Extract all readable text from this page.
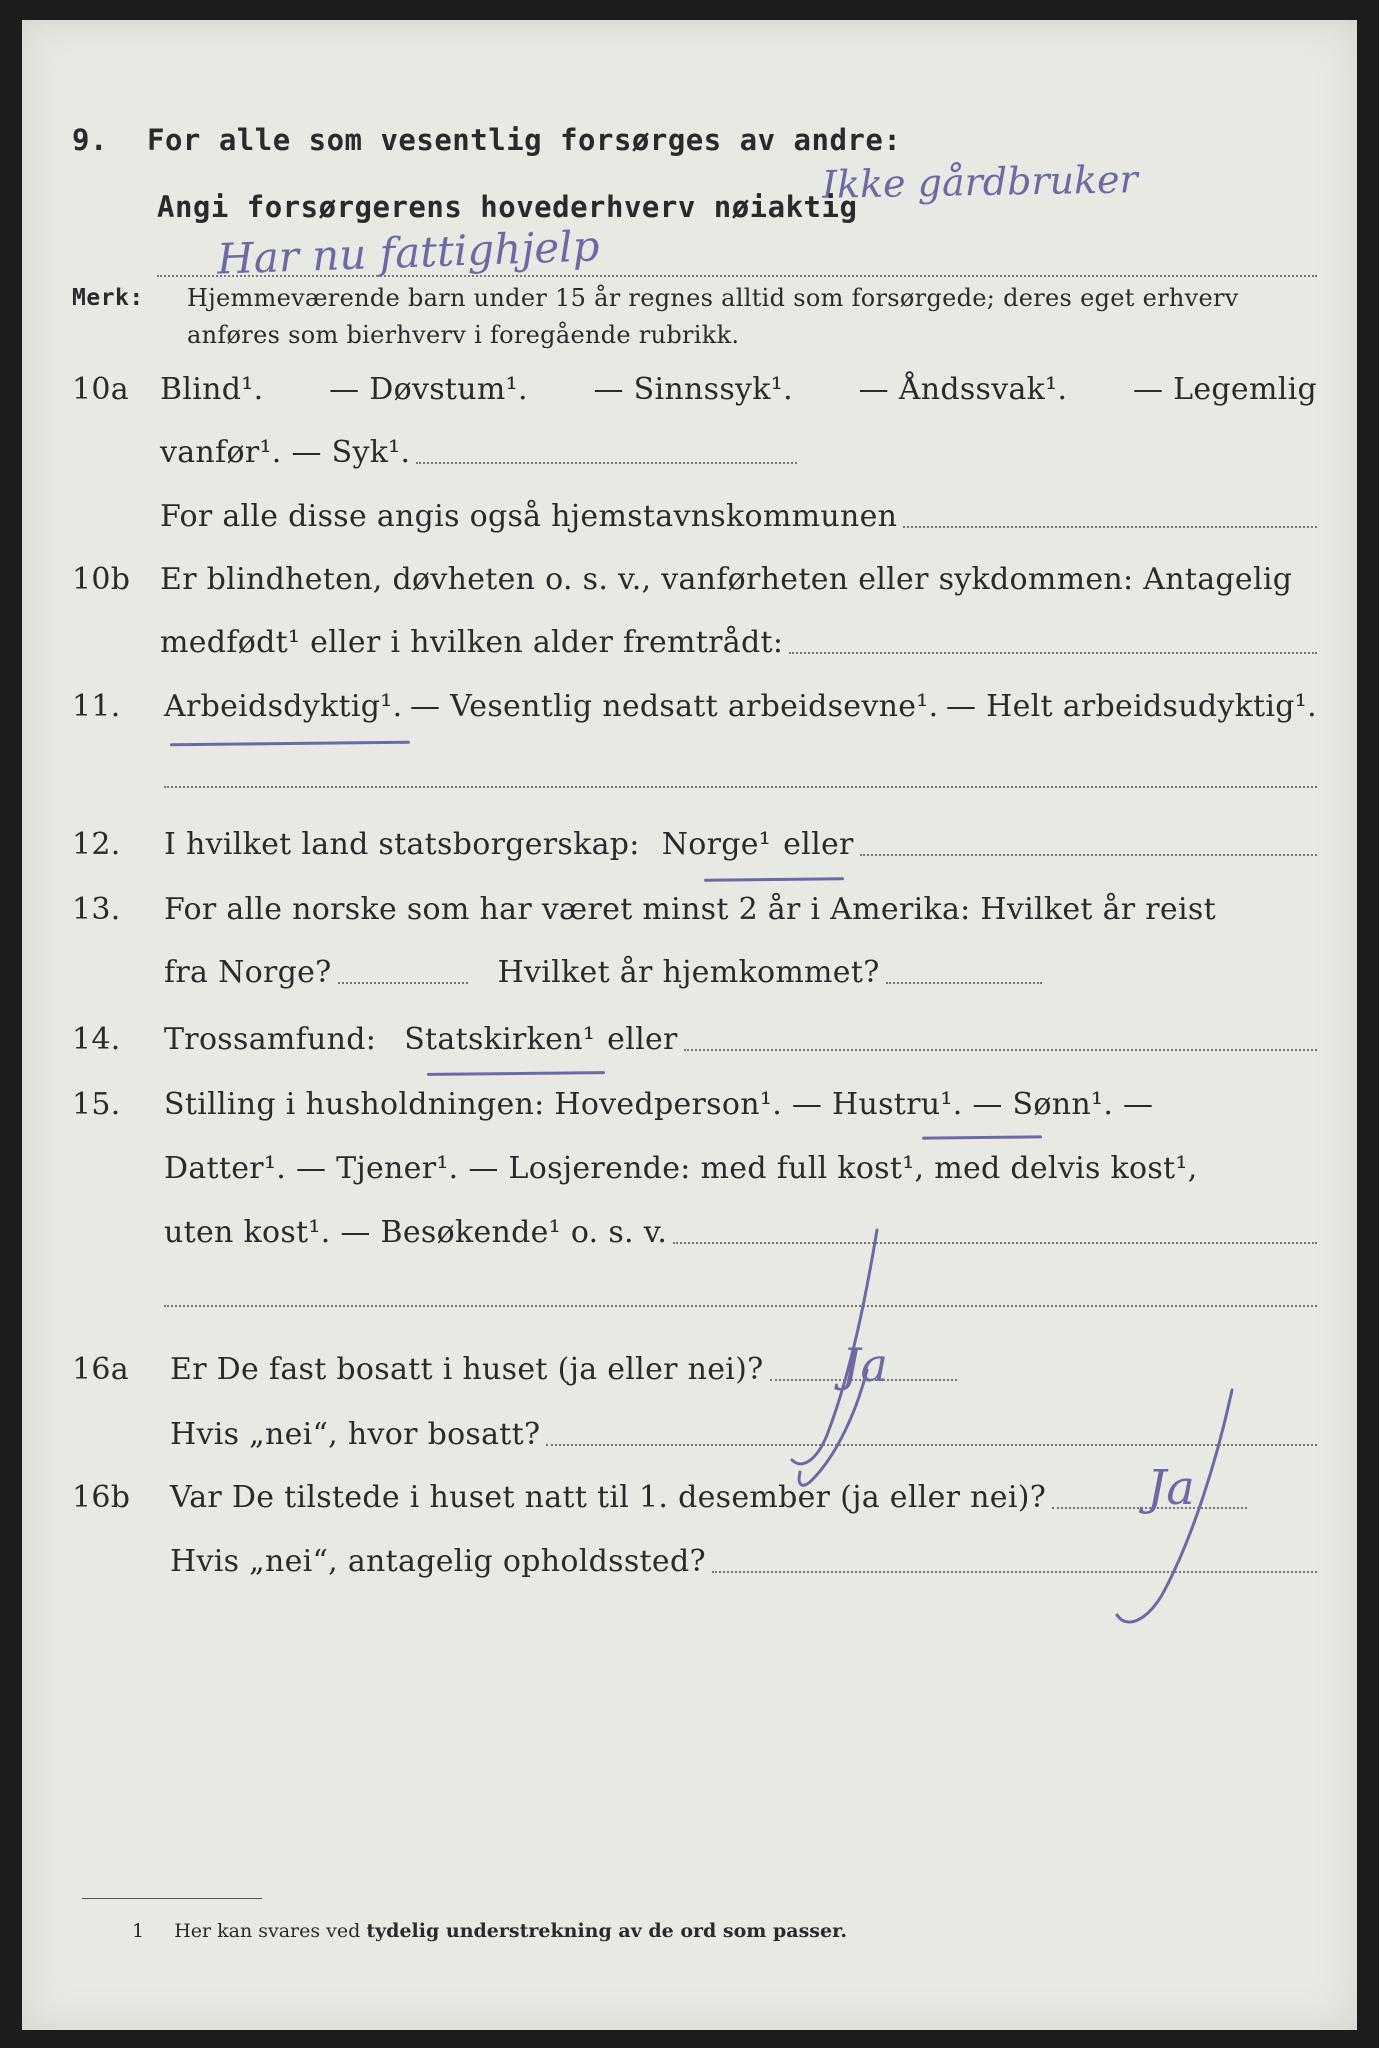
9. For alle som vesentlig forsørges av andre:
Ikke gårdbruker
Angi forsørgerens hovederhverv nøiaktig
Har nu fattighjelp
Merk: Hjemmeværende barn under 15 år regnes alltid som forsørgede; deres eget erhverv
anføres som bierhverv i foregående rubrikk.
10a Blind¹. — Døvstum¹. — Sinnssyk¹. — Åndssvak¹. — Legemlig
vanfør¹. — Syk¹.
For alle disse angis også hjemstavnskommunen
10b Er blindheten, døvheten o. s. v., vanførheten eller sykdommen: Antagelig
medfødt¹ eller i hvilken alder fremtrådt:
11. Arbeidsdyktig¹. — Vesentlig nedsatt arbeidsevne¹. — Helt arbeidsudyktig¹.
12. I hvilket land statsborgerskap: Norge¹ eller
13. For alle norske som har været minst 2 år i Amerika: Hvilket år reist
fra Norge?	Hvilket år hjemkommet?
14. Trossamfund: Statskirken¹ eller
15. Stilling i husholdningen: Hovedperson¹. — Hustru¹. — Sønn¹. —
Datter¹. — Tjener¹. — Losjerende: med full kost¹, med delvis kost¹,
uten kost¹. — Besøkende¹ o. s. v.
16a Er De fast bosatt i huset (ja eller nei)? Ja
Hvis „nei“, hvor bosatt?
16b Var De tilstede i huset natt til 1. desember (ja eller nei)? Ja
Hvis „nei“, antagelig opholdssted?
1 Her kan svares ved tydelig understrekning av de ord som passer.
